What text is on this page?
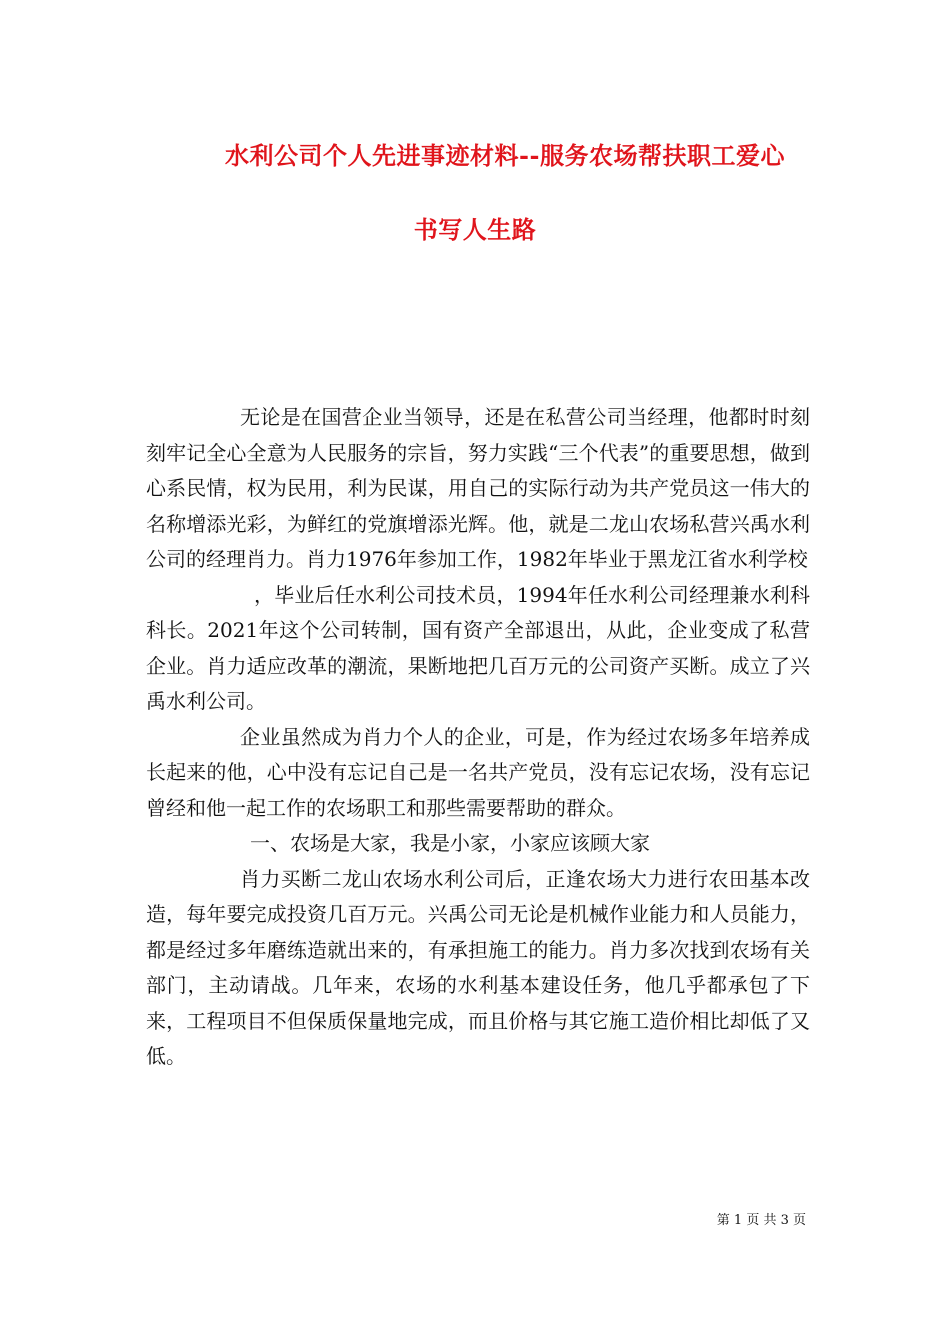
水利公司个人先进事迹材料--服务农场帮扶职工爱心
书写人生路

无论是在国营企业当领导，还是在私营公司当经理，他都时时刻刻牢记全心全意为人民服务的宗旨，努力实践“三个代表”的重要思想，做到心系民情，权为民用，利为民谋，用自己的实际行动为共产党员这一伟大的名称增添光彩，为鲜红的党旗增添光辉。他，就是二龙山农场私营兴禹水利公司的经理肖力。肖力1976年参加工作，1982年毕业于黑龙江省水利学校

，毕业后任水利公司技术员，1994年任水利公司经理兼水利科科长。2021年这个公司转制，国有资产全部退出，从此，企业变成了私营企业。肖力适应改革的潮流，果断地把几百万元的公司资产买断。成立了兴禹水利公司。

企业虽然成为肖力个人的企业，可是，作为经过农场多年培养成长起来的他，心中没有忘记自己是一名共产党员，没有忘记农场，没有忘记曾经和他一起工作的农场职工和那些需要帮助的群众。

一、农场是大家，我是小家，小家应该顾大家

肖力买断二龙山农场水利公司后，正逢农场大力进行农田基本改造，每年要完成投资几百万元。兴禹公司无论是机械作业能力和人员能力，都是经过多年磨练造就出来的，有承担施工的能力。肖力多次找到农场有关部门，主动请战。几年来，农场的水利基本建设任务，他几乎都承包了下来，工程项目不但保质保量地完成，而且价格与其它施工造价相比却低了又低。

第 1 页 共 3 页
